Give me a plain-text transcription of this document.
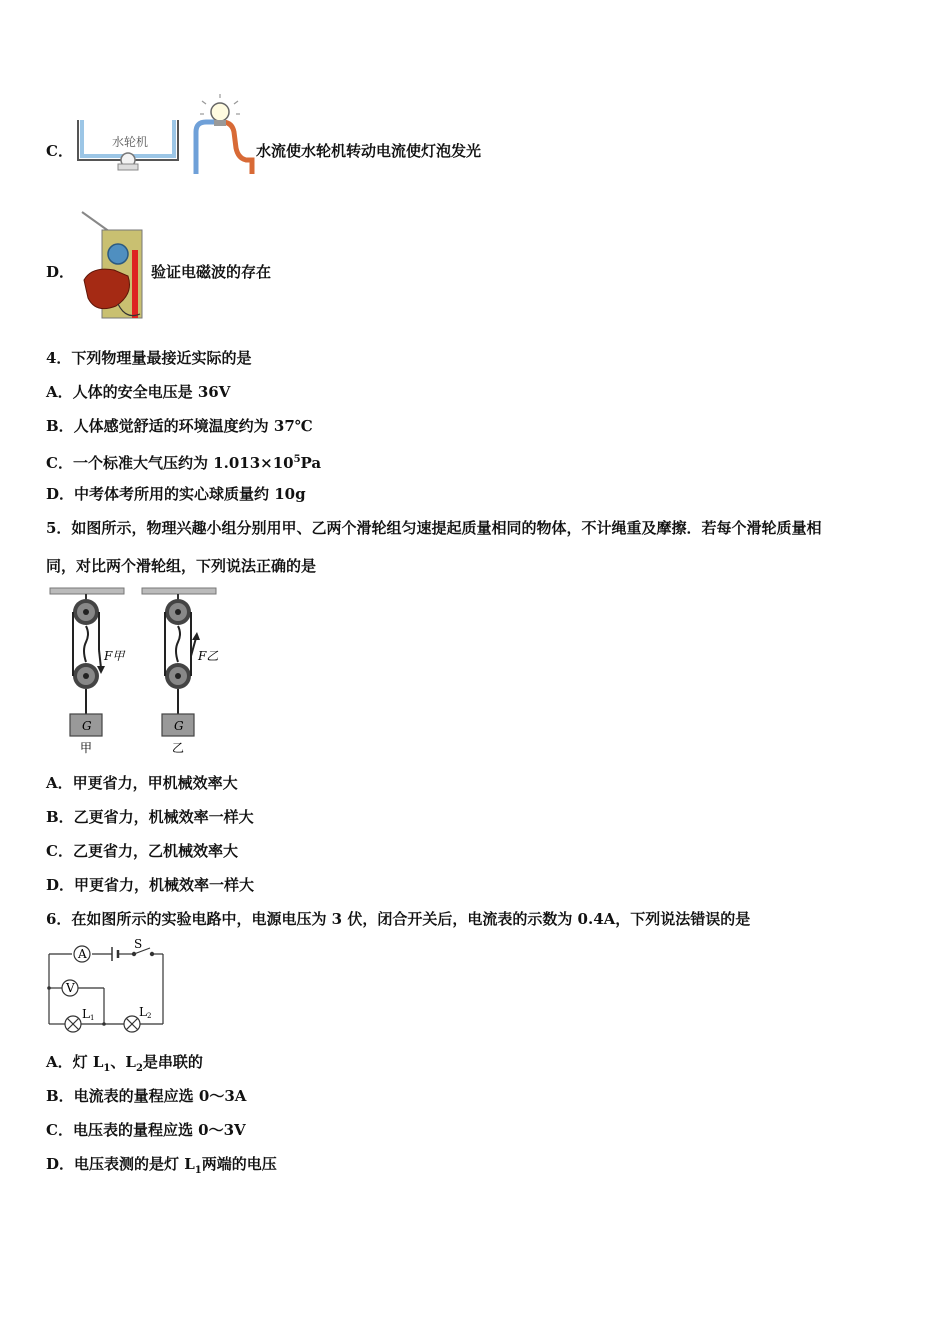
C．	水轮机	水流使水轮机转动电流使灯泡发光
D．	验证电磁波的存在
4．下列物理量最接近实际的是
A．人体的安全电压是 36V
B．人体感觉舒适的环境温度约为 37℃
C．一个标准大气压约为 $1.013\times 10^5Pa$
D．中考体考所用的实心球质量约 10g
5．如图所示，物理兴趣小组分别用甲、乙两个滑轮组匀速提起质量相同的物体，不计绳重及摩擦．若每个滑轮质量相
同，对比两个滑轮组，下列说法正确的是
G
F甲
甲
G
F乙
乙
A．甲更省力，甲机械效率大
B．乙更省力，机械效率一样大
C．乙更省力，乙机械效率大
D．甲更省力，机械效率一样大
6．在如图所示的实验电路中，电源电压为 3 伏，闭合开关后，电流表的示数为 0.4A，下列说法错误的是
A
V
S
L1	L2
A．灯 $L_1$、$L_2$是串联的
B．电流表的量程应选 0～3A
C．电压表的量程应选 0～3V
D．电压表测的是灯 $L_1$两端的电压
